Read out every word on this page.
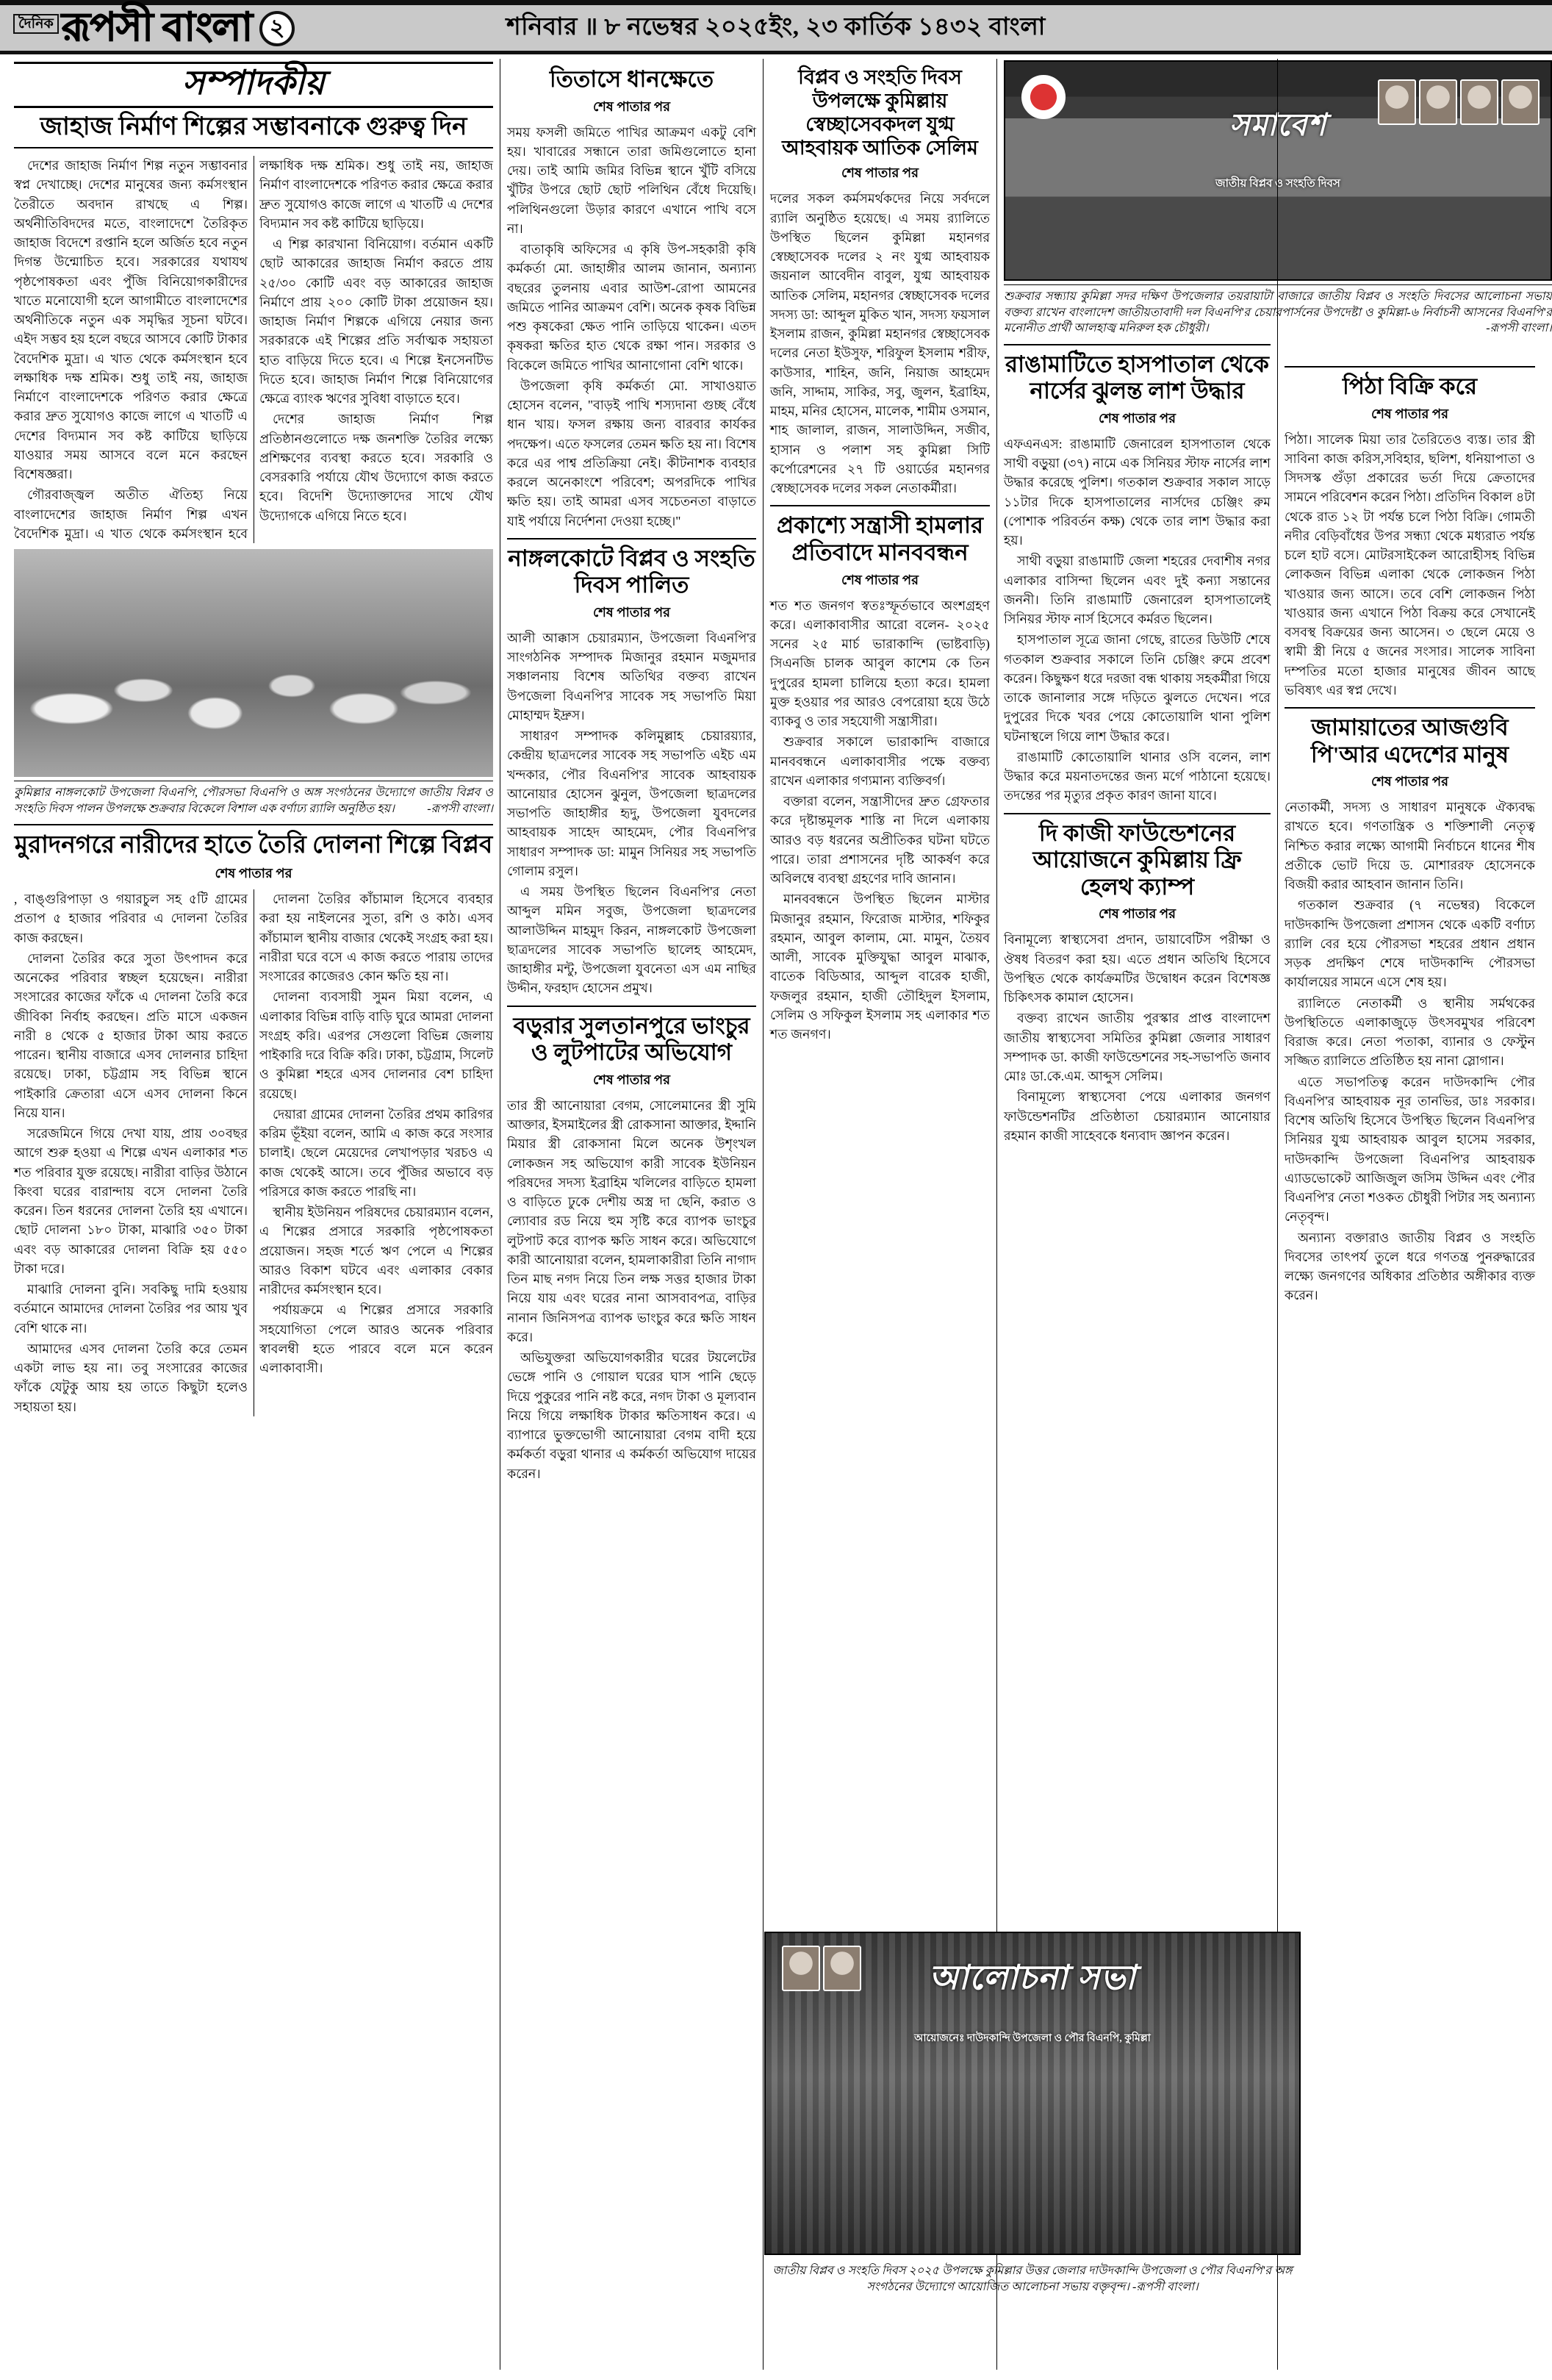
দৈনিক রূপসী বাংলা ২	শনিবার ॥ ৮ নভেম্বর ২০২৫ইং, ২৩ কার্তিক ১৪৩২ বাংলা
সম্পাদকীয়
জাহাজ নির্মাণ শিল্পের সম্ভাবনাকে গুরুত্ব দিন

দেশের জাহাজ নির্মাণ শিল্প নতুন সম্ভাবনার স্বপ্ন দেখাচ্ছে। দেশের মানুষের জন্য কর্মসংস্থান তৈরীতে অবদান রাখছে এ শিল্প। অর্থনীতিবিদদের মতে, বাংলাদেশে তৈরিকৃত জাহাজ বিদেশে রপ্তানি হলে অর্জিত হবে নতুন দিগন্ত উন্মোচিত হবে। সরকারের যথাযথ পৃষ্ঠপোষকতা এবং পুঁজি বিনিয়োগকারীদের খাতে মনোযোগী হলে আগামীতে বাংলাদেশের অর্থনীতিকে নতুন এক সমৃদ্ধির সূচনা ঘটবে। এইদ সম্ভব হয় হলে বছরে আসবে কোটি টাকার বৈদেশিক মুদ্রা। এ খাত থেকে কর্মসংস্থান হবে লক্ষাধিক দক্ষ শ্রমিক। শুধু তাই নয়, জাহাজ নির্মাণে বাংলাদেশকে পরিণত করার ক্ষেত্রে করার দ্রুত সুযোগও কাজে লাগে এ খাতটি এ দেশের বিদ্যমান সব কষ্ট কাটিয়ে ছাড়িয়ে যাওয়ার সময় আসবে বলে মনে করছেন বিশেষজ্ঞরা।

গৌরবাজ্জ্বল অতীত ঐতিহ্য নিয়ে বাংলাদেশের জাহাজ নির্মাণ শিল্প এখন বৈদেশিক মুদ্রা। এ খাত থেকে কর্মসংস্থান হবে লক্ষাধিক দক্ষ শ্রমিক। শুধু তাই নয়, জাহাজ নির্মাণ বাংলাদেশকে পরিণত করার ক্ষেত্রে করার দ্রুত সুযোগও কাজে লাগে এ খাতটি এ দেশের বিদ্যমান সব কষ্ট কাটিয়ে ছাড়িয়ে।

এ শিল্প কারখানা বিনিয়োগ। বর্তমান একটি ছোট আকারের জাহাজ নির্মাণ করতে প্রায় ২৫/৩০ কোটি এবং বড় আকারের জাহাজ নির্মাণে প্রায় ২০০ কোটি টাকা প্রয়োজন হয়। জাহাজ নির্মাণ শিল্পকে এগিয়ে নেয়ার জন্য সরকারকে এই শিল্পের প্রতি সর্বাত্মক সহায়তা হাত বাড়িয়ে দিতে হবে। এ শিল্পে ইনসেনটিভ দিতে হবে। জাহাজ নির্মাণ শিল্পে বিনিয়োগের ক্ষেত্রে ব্যাংক ঋণের সুবিধা বাড়াতে হবে।

দেশের জাহাজ নির্মাণ শিল্প প্রতিষ্ঠানগুলোতে দক্ষ জনশক্তি তৈরির লক্ষ্যে প্রশিক্ষণের ব্যবস্থা করতে হবে। সরকারি ও বেসরকারি পর্যায়ে যৌথ উদ্যোগে কাজ করতে হবে। বিদেশি উদ্যোক্তাদের সাথে যৌথ উদ্যোগকে এগিয়ে নিতে হবে।

কুমিল্লার নাঙ্গলকোট উপজেলা বিএনপি, পৌরসভা বিএনপি ও অঙ্গ সংগঠনের উদ্যোগে জাতীয় বিপ্লব ও সংহতি দিবস পালন উপলক্ষে শুক্রবার বিকেলে বিশাল এক বর্ণাঢ্য র‌্যালি অনুষ্ঠিত হয়।	-রূপসী বাংলা।
মুরাদনগরে নারীদের হাতে তৈরি দোলনা শিল্পে বিপ্লব
শেষ পাতার পর

, বাঙ্গুরিপাড়া ও গয়ারচুল সহ ৫টি গ্রামের প্রতাপ ৫ হাজার পরিবার এ দোলনা তৈরির কাজ করছেন।

দোলনা তৈরির করে সুতা উৎপাদন করে অনেকের পরিবার স্বচ্ছল হয়েছেন। নারীরা সংসারের কাজের ফাঁকে এ দোলনা তৈরি করে জীবিকা নির্বাহ করছেন। প্রতি মাসে একজন নারী ৪ থেকে ৫ হাজার টাকা আয় করতে পারেন। স্থানীয় বাজারে এসব দোলনার চাহিদা রয়েছে। ঢাকা, চট্টগ্রাম সহ বিভিন্ন স্থানে পাইকারি ক্রেতারা এসে এসব দোলনা কিনে নিয়ে যান।

সরেজমিনে গিয়ে দেখা যায়, প্রায় ৩০বছর আগে শুরু হওয়া এ শিল্পে এখন এলাকার শত শত পরিবার যুক্ত রয়েছে। নারীরা বাড়ির উঠানে কিংবা ঘরের বারান্দায় বসে দোলনা তৈরি করেন। তিন ধরনের দোলনা তৈরি হয় এখানে। ছোট দোলনা ১৮০ টাকা, মাঝারি ৩৫০ টাকা এবং বড় আকারের দোলনা বিক্রি হয় ৫৫০ টাকা দরে।

মাঝারি দোলনা বুনি। সবকিছু দামি হওয়ায় বর্তমানে আমাদের দোলনা তৈরির পর আয় খুব বেশি থাকে না।

আমাদের এসব দোলনা তৈরি করে তেমন একটা লাভ হয় না। তবু সংসারের কাজের ফাঁকে যেটুকু আয় হয় তাতে কিছুটা হলেও সহায়তা হয়।

দোলনা তৈরির কাঁচামাল হিসেবে ব্যবহার করা হয় নাইলনের সুতা, রশি ও কাঠ। এসব কাঁচামাল স্থানীয় বাজার থেকেই সংগ্রহ করা হয়। নারীরা ঘরে বসে এ কাজ করতে পারায় তাদের সংসারের কাজেরও কোন ক্ষতি হয় না।

দোলনা ব্যবসায়ী সুমন মিয়া বলেন, এ এলাকার বিভিন্ন বাড়ি বাড়ি ঘুরে আমরা দোলনা সংগ্রহ করি। এরপর সেগুলো বিভিন্ন জেলায় পাইকারি দরে বিক্রি করি। ঢাকা, চট্টগ্রাম, সিলেট ও কুমিল্লা শহরে এসব দোলনার বেশ চাহিদা রয়েছে।

দেয়ারা গ্রামের দোলনা তৈরির প্রথম কারিগর করিম ভূঁইয়া বলেন, আমি এ কাজ করে সংসার চালাই। ছেলে মেয়েদের লেখাপড়ার খরচও এ কাজ থেকেই আসে। তবে পুঁজির অভাবে বড় পরিসরে কাজ করতে পারছি না।

স্থানীয় ইউনিয়ন পরিষদের চেয়ারম্যান বলেন, এ শিল্পের প্রসারে সরকারি পৃষ্ঠপোষকতা প্রয়োজন। সহজ শর্তে ঋণ পেলে এ শিল্পের আরও বিকাশ ঘটবে এবং এলাকার বেকার নারীদের কর্মসংস্থান হবে।

পর্যায়ক্রমে এ শিল্পের প্রসারে সরকারি সহযোগিতা পেলে আরও অনেক পরিবার স্বাবলম্বী হতে পারবে বলে মনে করেন এলাকাবাসী।

তিতাসে ধানক্ষেতে
শেষ পাতার পর

সময় ফসলী জমিতে পাখির আক্রমণ একটু বেশি হয়। খাবারের সন্ধানে তারা জমিগুলোতে হানা দেয়। তাই আমি জমির বিভিন্ন স্থানে খুঁটি বসিয়ে খুঁটির উপরে ছোট ছোট পলিথিন বেঁধে দিয়েছি। পলিথিনগুলো উড়ার কারণে এখানে পাখি বসে না।

বাতাকৃষি অফিসের এ কৃষি উপ-সহকারী কৃষি কর্মকর্তা মো. জাহাঙ্গীর আলম জানান, অন্যান্য বছরের তুলনায় এবার আউশ-রোপা আমনের জমিতে পানির আক্রমণ বেশি। অনেক কৃষক বিভিন্ন পশু কৃষকেরা ক্ষেত পানি তাড়িয়ে থাকেন। এতদ কৃষকরা ক্ষতির হাত থেকে রক্ষা পান। সরকার ও বিকেলে জমিতে পাখির আনাগোনা বেশি থাকে।

উপজেলা কৃষি কর্মকর্তা মো. সাখাওয়াত হোসেন বলেন, "বাড়ই পাখি শস্যদানা গুচ্ছ বেঁধে ধান খায়। ফসল রক্ষায় জন্য বারবার কার্যকর পদক্ষেপ। এতে ফসলের তেমন ক্ষতি হয় না। বিশেষ করে এর পাশ্ব প্রতিক্রিয়া নেই। কীটনাশক ব্যবহার করলে অনেকাংশে পরিবেশ; অপরদিকে পাখির ক্ষতি হয়। তাই আমরা এসব সচেতনতা বাড়াতে যাই পর্যায়ে নির্দেশনা দেওয়া হচ্ছে।"

নাঙ্গলকোটে বিপ্লব ও সংহতি দিবস পালিত
শেষ পাতার পর

আলী আক্কাস চেয়ারম্যান, উপজেলা বিএনপি'র সাংগঠনিক সম্পাদক মিজানুর রহমান মজুমদার সঞ্চালনায় বিশেষ অতিথির বক্তব্য রাখেন উপজেলা বিএনপি'র সাবেক সহ সভাপতি মিয়া মোহাম্মদ ইদ্রুস।

সাধারণ সম্পাদক কলিমুল্লাহ চেয়ারয়্যার, কেন্দ্রীয় ছাত্রদলের সাবেক সহ সভাপতি এইচ এম খন্দকার, পৌর বিএনপি'র সাবেক আহবায়ক আনোয়ার হোসেন ঝুনুল, উপজেলা ছাত্রদলের সভাপতি জাহাঙ্গীর হৃদু, উপজেলা যুবদলের আহবায়ক সাহেদ আহমেদ, পৌর বিএনপি'র সাধারণ সম্পাদক ডা: মামুন সিনিয়র সহ সভাপতি গোলাম রসুল।

এ সময় উপস্থিত ছিলেন বিএনপি'র নেতা আব্দুল মমিন সবুজ, উপজেলা ছাত্রদলের আলাউদ্দিন মাহমুদ কিরন, নাঙ্গলকোট উপজেলা ছাত্রদলের সাবেক সভাপতি ছালেহ আহমেদ, জাহাঙ্গীর মন্টু, উপজেলা যুবনেতা এস এম নাছির উদ্দীন, ফরহাদ হোসেন প্রমুখ।

বড়ুরার সুলতানপুরে ভাংচুর ও লুটপাটের অভিযোগ
শেষ পাতার পর

তার স্ত্রী আনোয়ারা বেগম, সোলেমানের স্ত্রী সুমি আক্তার, ইসমাইলের স্ত্রী রোকসানা আক্তার, ইদ্দানি মিয়ার স্ত্রী রোকসানা মিলে অনেক উশৃংখল লোকজন সহ অভিযোগ কারী সাবেক ইউনিয়ন পরিষদের সদস্য ইব্রাহিম খলিলের বাড়িতে হামলা ও বাড়িতে ঢুকে দেশীয় অস্ত্র দা ছেনি, করাত ও ল্যোবার রড নিয়ে হুম সৃষ্টি করে ব্যাপক ভাংচুর লুটপাট করে ব্যাপক ক্ষতি সাধন করে। অভিযোগে কারী আনোয়ারা বলেন, হামলাকারীরা তিনি নাগাদ তিন মাছ নগদ নিয়ে তিন লক্ষ সত্তর হাজার টাকা নিয়ে যায় এবং ঘরের নানা আসবাবপত্র, বাড়ির নানান জিনিসপত্র ব্যাপক ভাংচুর করে ক্ষতি সাধন করে।

অভিযুক্তরা অভিযোগকারীর ঘরের টয়লেটের ভেঙ্গে পানি ও গোয়াল ঘরের ঘাস পানি ছেড়ে দিয়ে পুকুরের পানি নষ্ট করে, নগদ টাকা ও মূল্যবান নিয়ে গিয়ে লক্ষাধিক টাকার ক্ষতিসাধন করে। এ ব্যাপারে ভুক্তভোগী আনোয়ারা বেগম বাদী হয়ে কর্মকর্তা বড়ুরা থানার এ কর্মকর্তা অভিযোগ দায়ের করেন।

বিপ্লব ও সংহতি দিবস উপলক্ষে কুমিল্লায় স্বেচ্ছাসেবকদল যুগ্ম আহবায়ক আতিক সেলিম
শেষ পাতার পর

দলের সকল কর্মসমর্থকদের নিয়ে সর্বদলে র‌্যালি অনুষ্ঠিত হয়েছে। এ সময় র‌্যালিতে উপস্থিত ছিলেন কুমিল্লা মহানগর স্বেচ্ছাসেবক দলের ২ নং যুগ্ম আহবায়ক জয়নাল আবেদীন বাবুল, যুগ্ম আহবায়ক আতিক সেলিম, মহানগর স্বেচ্ছাসেবক দলের সদস্য ডা: আব্দুল মুকিত খান, সদস্য ফয়সাল ইসলাম রাজন, কুমিল্লা মহানগর স্বেচ্ছাসেবক দলের নেতা ইউসুফ, শরিফুল ইসলাম শরীফ, কাউসার, শাহিন, জনি, নিয়াজ আহমেদ জনি, সাদ্দাম, সাকির, সবু, জুলন, ইব্রাহিম, মাহম, মনির হোসেন, মালেক, শামীম ওসমান, শাহ জালাল, রাজন, সালাউদ্দিন, সজীব, হাসান ও পলাশ সহ কুমিল্লা সিটি কর্পোরেশনের ২৭ টি ওয়ার্ডের মহানগর স্বেচ্ছাসেবক দলের সকল নেতাকর্মীরা।

প্রকাশ্যে সন্ত্রাসী হামলার প্রতিবাদে মানববন্ধন
শেষ পাতার পর

শত শত জনগণ স্বতঃস্ফূর্তভাবে অংশগ্রহণ করে। এলাকাবাসীর আরো বলেন- ২০২৫ সনের ২৫ মার্চ ভারাকান্দি (ভাষ্টবাড়ি) সিএনজি চালক আবুল কাশেম কে তিন দুপুরের হামলা চালিয়ে হত্যা করে। হামলা মুক্ত হওয়ার পর আরও বেপরোয়া হয়ে উঠে ব্যাকবু ও তার সহযোগী সন্ত্রাসীরা।

শুক্রবার সকালে ভারাকান্দি বাজারে মানববন্ধনে এলাকাবাসীর পক্ষে বক্তব্য রাখেন এলাকার গণ্যমান্য ব্যক্তিবর্গ।

বক্তারা বলেন, সন্ত্রাসীদের দ্রুত গ্রেফতার করে দৃষ্টান্তমূলক শাস্তি না দিলে এলাকায় আরও বড় ধরনের অপ্রীতিকর ঘটনা ঘটতে পারে। তারা প্রশাসনের দৃষ্টি আকর্ষণ করে অবিলম্বে ব্যবস্থা গ্রহণের দাবি জানান।

মানববন্ধনে উপস্থিত ছিলেন মাস্টার মিজানুর রহমান, ফিরোজ মাস্টার, শফিকুর রহমান, আবুল কালাম, মো. মামুন, তৈয়ব আলী, সাবেক মুক্তিযুদ্ধা আবুল মাঝাক, বাতেক বিডিআর, আব্দুল বারেক হাজী, ফজলুর রহমান, হাজী তৌহিদুল ইসলাম, সেলিম ও সফিকুল ইসলাম সহ এলাকার শত শত জনগণ।

সমাবেশ
জাতীয় বিপ্লব ও সংহতি দিবস
শুক্রবার সন্ধ্যায় কুমিল্লা সদর দক্ষিণ উপজেলার তয়রায়াটা বাজারে জাতীয় বিপ্লব ও সংহতি দিবসের আলোচনা সভায় বক্তব্য রাখেন বাংলাদেশ জাতীয়তাবাদী দল বিএনপি'র চেয়ারপার্সনের উপদেষ্টা ও কুমিল্লা-৬ নির্বাচনী আসনের বিএনপি'র মনোনীত প্রার্থী আলহাজ্ব মনিরুল হক চৌধুরী।	-রূপসী বাংলা।
রাঙামাটিতে হাসপাতাল থেকে নার্সের ঝুলন্ত লাশ উদ্ধার
শেষ পাতার পর

এফএনএস: রাঙামাটি জেনারেল হাসপাতাল থেকে সাথী বড়ুয়া (৩৭) নামে এক সিনিয়র স্টাফ নার্সের লাশ উদ্ধার করেছে পুলিশ। গতকাল শুক্রবার সকাল সাড়ে ১১টার দিকে হাসপাতালের নার্সদের চেঞ্জিং রুম (পোশাক পরিবর্তন কক্ষ) থেকে তার লাশ উদ্ধার করা হয়।

সাথী বড়ুয়া রাঙামাটি জেলা শহরের দেবাশীষ নগর এলাকার বাসিন্দা ছিলেন এবং দুই কন্যা সন্তানের জননী। তিনি রাঙামাটি জেনারেল হাসপাতালেই সিনিয়র স্টাফ নার্স হিসেবে কর্মরত ছিলেন।

হাসপাতাল সূত্রে জানা গেছে, রাতের ডিউটি শেষে গতকাল শুক্রবার সকালে তিনি চেঞ্জিং রুমে প্রবেশ করেন। কিছুক্ষণ ধরে দরজা বন্ধ থাকায় সহকর্মীরা গিয়ে তাকে জানালার সঙ্গে দড়িতে ঝুলতে দেখেন। পরে দুপুরের দিকে খবর পেয়ে কোতোয়ালি থানা পুলিশ ঘটনাস্থলে গিয়ে লাশ উদ্ধার করে।

রাঙামাটি কোতোয়ালি থানার ওসি বলেন, লাশ উদ্ধার করে ময়নাতদন্তের জন্য মর্গে পাঠানো হয়েছে। তদন্তের পর মৃত্যুর প্রকৃত কারণ জানা যাবে।

দি কাজী ফাউন্ডেশনের আয়োজনে কুমিল্লায় ফ্রি হেলথ ক্যাম্প
শেষ পাতার পর

বিনামূল্যে স্বাস্থ্যসেবা প্রদান, ডায়াবেটিস পরীক্ষা ও ঔষধ বিতরণ করা হয়। এতে প্রধান অতিথি হিসেবে উপস্থিত থেকে কার্যক্রমটির উদ্বোধন করেন বিশেষজ্ঞ চিকিৎসক কামাল হোসেন।

বক্তব্য রাখেন জাতীয় পুরস্কার প্রাপ্ত বাংলাদেশ জাতীয় স্বাস্থ্যসেবা সমিতির কুমিল্লা জেলার সাধারণ সম্পাদক ডা. কাজী ফাউন্ডেশনের সহ-সভাপতি জনাব মোঃ ডা.কে.এম. আব্দুস সেলিম।

বিনামূল্যে স্বাস্থ্যসেবা পেয়ে এলাকার জনগণ ফাউন্ডেশনটির প্রতিষ্ঠাতা চেয়ারম্যান আনোয়ার রহমান কাজী সাহেবকে ধন্যবাদ জ্ঞাপন করেন।

পিঠা বিক্রি করে
শেষ পাতার পর

পিঠা। সালেক মিয়া তার তৈরিতেও ব্যস্ত। তার স্ত্রী সাবিনা কাজ করিস,সবিহার, ছলিশ, ধনিয়াপাতা ও সিদসস্ক গুঁড়া প্রকারের ভর্তা দিয়ে ক্রেতাদের সামনে পরিবেশন করেন পিঠা। প্রতিদিন বিকাল ৪টা থেকে রাত ১২ টা পর্যন্ত চলে পিঠা বিক্রি। গোমতী নদীর বেড়িবাঁধের উপর সন্ধ্যা থেকে মধ্যরাত পর্যন্ত চলে হাট বসে। মোটরসাইকেল আরোহীসহ বিভিন্ন লোকজন বিভিন্ন এলাকা থেকে লোকজন পিঠা খাওয়ার জন্য আসে। তবে বেশি লোকজন পিঠা খাওয়ার জন্য এখানে পিঠা বিক্রয় করে সেখানেই বসবস্থ বিক্রয়ের জন্য আসেন। ৩ ছেলে মেয়ে ও স্বামী স্ত্রী নিয়ে ৫ জনের সংসার। সালেক সাবিনা দম্পতির মতো হাজার মানুষের জীবন আছে ভবিষ্যৎ এর স্বপ্ন দেখে।

জামায়াতের আজগুবি পি'আর এদেশের মানুষ
শেষ পাতার পর

নেতাকর্মী, সদস্য ও সাধারণ মানুষকে ঐক্যবদ্ধ রাখতে হবে। গণতান্ত্রিক ও শক্তিশালী নেতৃত্ব নিশ্চিত করার লক্ষ্যে আগামী নির্বাচনে ধানের শীষ প্রতীকে ভোট দিয়ে ড. মোশাররফ হোসেনকে বিজয়ী করার আহবান জানান তিনি।

গতকাল শুক্রবার (৭ নভেম্বর) বিকেলে দাউদকান্দি উপজেলা প্রশাসন থেকে একটি বর্ণাঢ্য র‌্যালি বের হয়ে পৌরসভা শহরের প্রধান প্রধান সড়ক প্রদক্ষিণ শেষে দাউদকান্দি পৌরসভা কার্যালয়ের সামনে এসে শেষ হয়।

র‌্যালিতে নেতাকর্মী ও স্থানীয় সর্মথকের উপস্থিতিতে এলাকাজুড়ে উৎসবমুখর পরিবেশ বিরাজ করে। নেতা পতাকা, ব্যানার ও ফেস্টুন সজ্জিত র‌্যালিতে প্রতিষ্ঠিত হয় নানা স্লোগান।

এতে সভাপতিত্ব করেন দাউদকান্দি পৌর বিএনপি'র আহবায়ক নূর তানভির, ডাঃ সরকার। বিশেষ অতিথি হিসেবে উপস্থিত ছিলেন বিএনপি'র সিনিয়র যুগ্ম আহবায়ক আবুল হাসেম সরকার, দাউদকান্দি উপজেলা বিএনপি'র আহবায়ক এ্যাডভোকেট আজিজুল জসিম উদ্দিন এবং পৌর বিএনপি'র নেতা শওকত চৌধুরী পিটার সহ অন্যান্য নেতৃবৃন্দ।

অন্যান্য বক্তারাও জাতীয় বিপ্লব ও সংহতি দিবসের তাৎপর্য তুলে ধরে গণতন্ত্র পুনরুদ্ধারের লক্ষ্যে জনগণের অধিকার প্রতিষ্ঠার অঙ্গীকার ব্যক্ত করেন।

আলোচনা সভা
আয়োজনেঃ দাউদকান্দি উপজেলা ও পৌর বিএনপি, কুমিল্লা
জাতীয় বিপ্লব ও সংহতি দিবস ২০২৫ উপলক্ষে কুমিল্লার উত্তর জেলার দাউদকান্দি উপজেলা ও পৌর বিএনপি'র অঙ্গ সংগঠনের উদ্যোগে আয়োজিত আলোচনা সভায় বক্তৃবৃন্দ। -রূপসী বাংলা।
